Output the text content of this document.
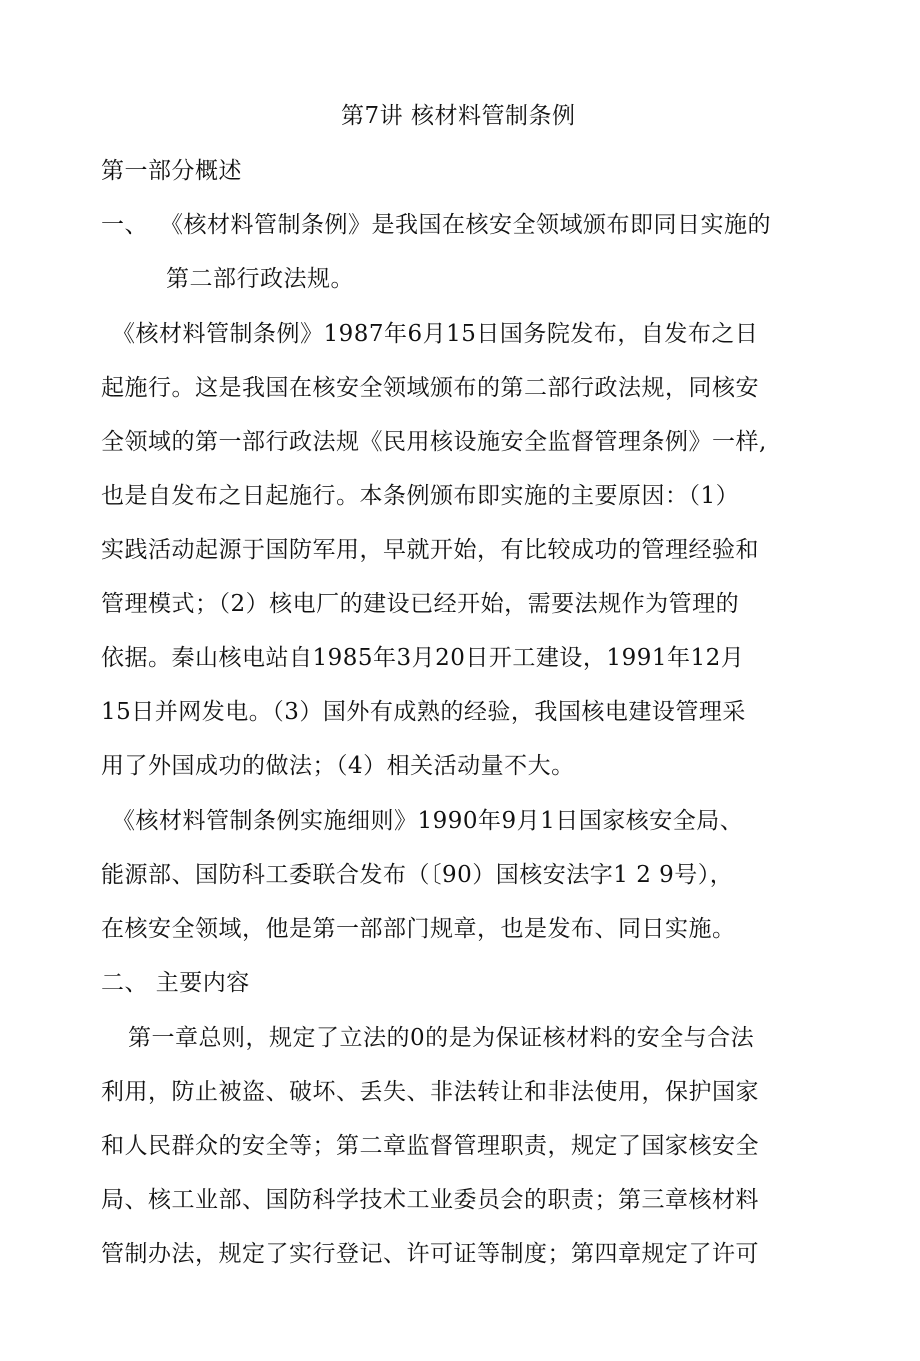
第7讲 核材料管制条例
第一部分概述
一、 《核材料管制条例》是我国在核安全领域颁布即同日实施的
第二部行政法规。
《核材料管制条例》1987年6月15日国务院发布，自发布之日
起施行。这是我国在核安全领域颁布的第二部行政法规，同核安
全领域的第一部行政法规《民用核设施安全监督管理条例》一样,
也是自发布之日起施行。本条例颁布即实施的主要原因：（1）
实践活动起源于国防军用，早就开始，有比较成功的管理经验和
管理模式；（2）核电厂的建设已经开始，需要法规作为管理的
依据。秦山核电站自1985年3月20日开工建设，1991年12月
15日并网发电。（3）国外有成熟的经验，我国核电建设管理采
用了外国成功的做法；（4）相关活动量不大。
《核材料管制条例实施细则》1990年9月1日国家核安全局、
能源部、国防科工委联合发布（〔90）国核安法字1 2 9号），
在核安全领域，他是第一部部门规章，也是发布、同日实施。
二、 主要内容
第一章总则，规定了立法的0的是为保证核材料的安全与合法
利用，防止被盗、破坏、丢失、非法转让和非法使用，保护国家
和人民群众的安全等；第二章监督管理职责，规定了国家核安全
局、核工业部、国防科学技术工业委员会的职责；第三章核材料
管制办法，规定了实行登记、许可证等制度；第四章规定了许可
